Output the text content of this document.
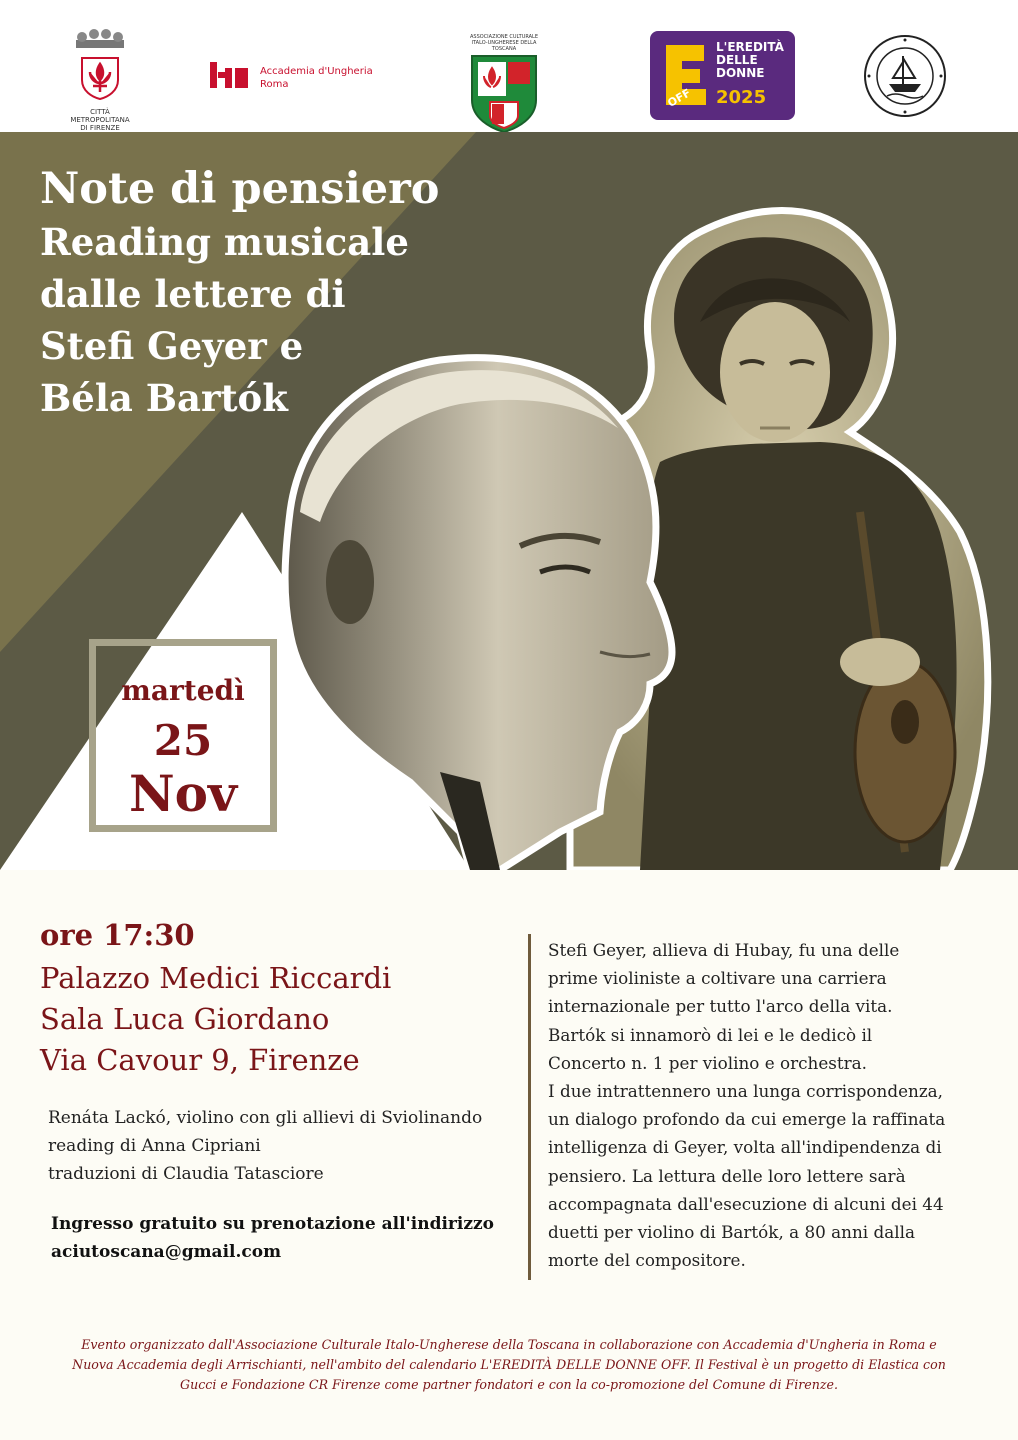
CITTÀ METROPOLITANA
DI FIRENZE
Accademia d'Ungheria
Roma
ASSOCIAZIONE CULTURALE
ITALO-UNGHERESE DELLA TOSCANA
OFF
L'EREDITÀ
DELLE
DONNE
2025
Note di pensiero
Reading musicale
dalle lettere di
Stefi Geyer e
Béla Bartók
martedì
25
Nov

ore 17:30

Palazzo Medici Riccardi
Sala Luca Giordano
Via Cavour 9, Firenze
Renáta Lackó, violino con gli allievi di Sviolinando
reading di Anna Cipriani
traduzioni di Claudia Tatasciore
Ingresso gratuito su prenotazione all'indirizzo
aciutoscana@gmail.com
Stefi Geyer, allieva di Hubay, fu una delle
prime violiniste a coltivare una carriera
internazionale per tutto l'arco della vita.
Bartók si innamorò di lei e le dedicò il
Concerto n. 1 per violino e orchestra.
I due intrattennero una lunga corrispondenza,
un dialogo profondo da cui emerge la raffinata
intelligenza di Geyer, volta all'indipendenza di
pensiero. La lettura delle loro lettere sarà
accompagnata dall'esecuzione di alcuni dei 44
duetti per violino di Bartók, a 80 anni dalla
morte del compositore.
Evento organizzato dall'Associazione Culturale Italo-Ungherese della Toscana in collaborazione con Accademia d'Ungheria in Roma e
Nuova Accademia degli Arrischianti, nell'ambito del calendario L'EREDITÀ DELLE DONNE OFF. Il Festival è un progetto di Elastica con
Gucci e Fondazione CR Firenze come partner fondatori e con la co-promozione del Comune di Firenze.
